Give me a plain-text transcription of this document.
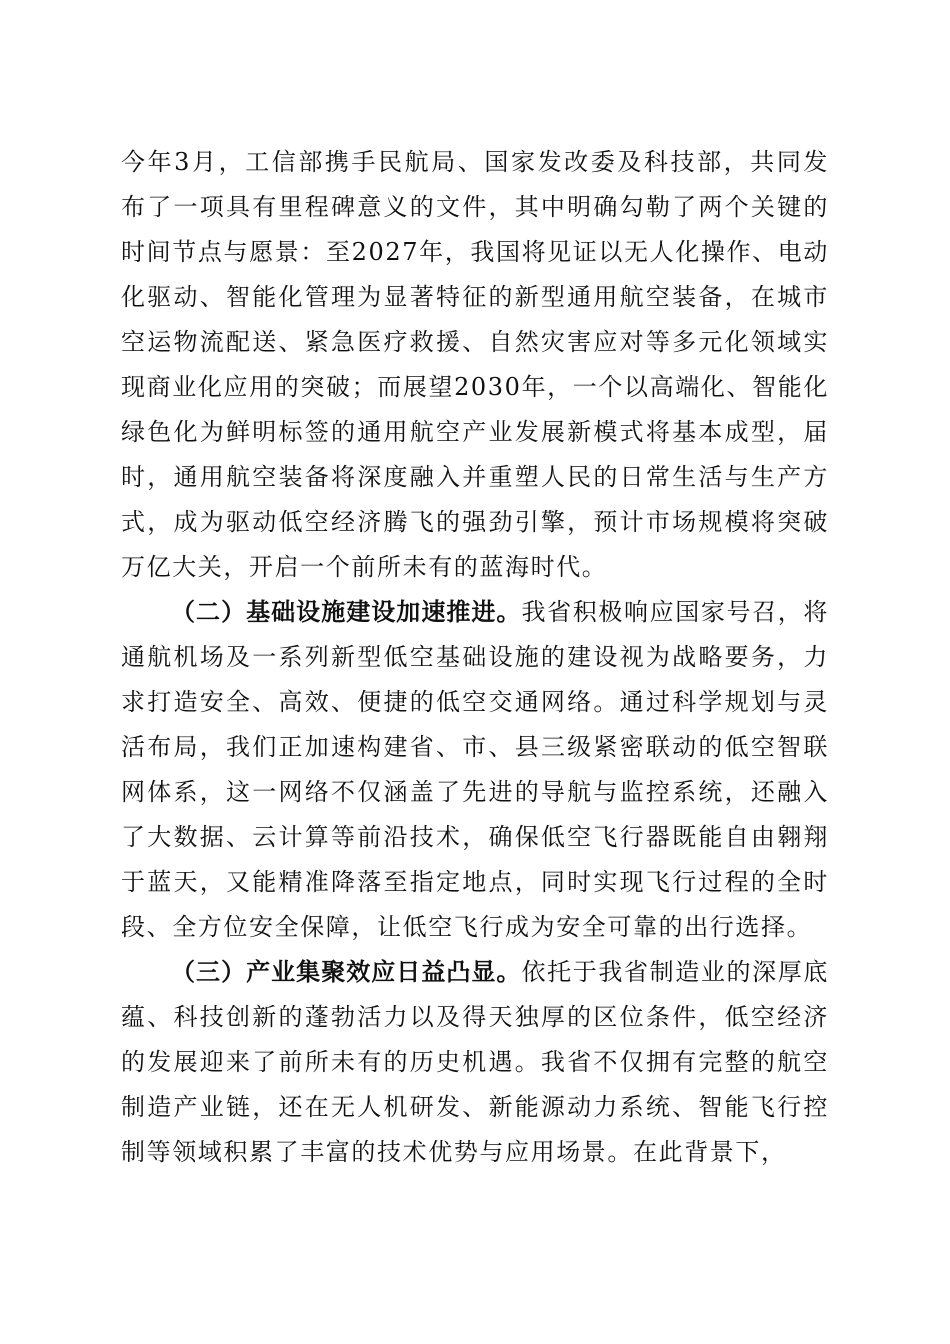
今年3月，工信部携手民航局、国家发改委及科技部，共同发布了一项具有里程碑意义的文件，其中明确勾勒了两个关键的时间节点与愿景：至2027年，我国将见证以无人化操作、电动化驱动、智能化管理为显著特征的新型通用航空装备，在城市空运物流配送、紧急医疗救援、自然灾害应对等多元化领域实现商业化应用的突破；而展望2030年，一个以高端化、智能化绿色化为鲜明标签的通用航空产业发展新模式将基本成型，届时，通用航空装备将深度融入并重塑人民的日常生活与生产方式，成为驱动低空经济腾飞的强劲引擎，预计市场规模将突破万亿大关，开启一个前所未有的蓝海时代。

（二）基础设施建设加速推进。我省积极响应国家号召，将通航机场及一系列新型低空基础设施的建设视为战略要务，力求打造安全、高效、便捷的低空交通网络。通过科学规划与灵活布局，我们正加速构建省、市、县三级紧密联动的低空智联网体系，这一网络不仅涵盖了先进的导航与监控系统，还融入了大数据、云计算等前沿技术，确保低空飞行器既能自由翱翔于蓝天，又能精准降落至指定地点，同时实现飞行过程的全时段、全方位安全保障，让低空飞行成为安全可靠的出行选择。

（三）产业集聚效应日益凸显。依托于我省制造业的深厚底蕴、科技创新的蓬勃活力以及得天独厚的区位条件，低空经济的发展迎来了前所未有的历史机遇。我省不仅拥有完整的航空制造产业链，还在无人机研发、新能源动力系统、智能飞行控制等领域积累了丰富的技术优势与应用场景。在此背景下，
